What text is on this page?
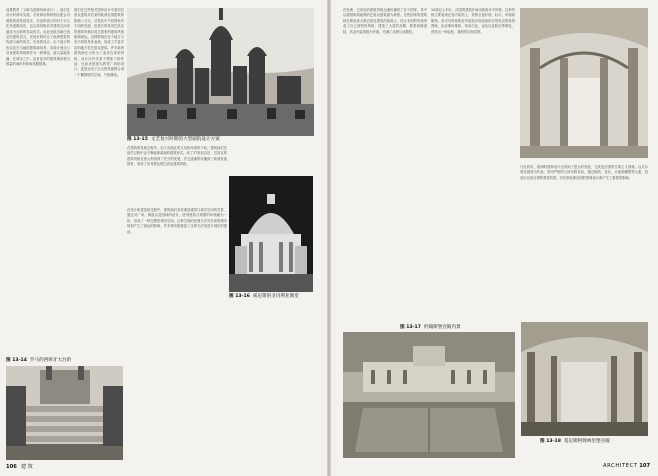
加果教堂（又称为进修所和设计）。他们在设计时两年实践，冬机和结构的相互配合对建筑的营造创造多，作品的设计的对于多元化发展做成功，也以得到相应对建筑空间发展成为全新的布局形式。由此发展出新巴洛克的建筑语言，比较好的综合了欧洲建筑的传统与新的形式。后来的设计，由于地方特色以及在当地的建筑师培养，其设计理念与后来建筑风格都作为一种典范，被大量地传播；在城市之中，也有更多的建筑保持相当数量的城市形象和宫殿园林。
图 13-15 文艺复兴时期的大型剧院设计方案
我们在这些相关国家设计中看到巴洛克建筑对后来的欧洲各国建筑的影响十分大，尽管其中不同国家有不同的发展，但是总的来说巴洛克的建筑风格对其它国家的建筑风格影响深远。这种影响在各个地方又有不同的具体表现，形成了丰富多彩的地方性巴洛克建筑。许多新的建筑师在当时为了追求自身的风格，设计出许多富于想象力的作品，比如圣彼得大教堂广场的设计，更是运用了巨大的柱廊围合成一个椭圆形的空间，气势雄伟。
在建筑的发展过程中，由于各地区的文化和传统的不同，建筑师们在创作过程中也不断地探索新的建筑形式。到了17世纪以后，巴洛克的建筑风格在意大利得到了充分的发展，并且逐渐的传播到了欧洲其他国家，形成了各具特色的巴洛克建筑风格。
图 13-16 威尼斯的圣玛利亚教堂
在设计和建造的过程中，建筑师们非常重视建筑与城市空间的关系，通过对广场、街道以及园林的设计，使得建筑与周围的环境融为一体，形成了一种完整的城市空间。这种空间的处理方法对后来的城市规划产生了深远的影响，许多城市都借鉴了这种方法来进行城市的建设。
图 13-14 罗马的西班牙大台阶
106 建 筑
在欧洲，巴洛克的建筑风格迅速传播到了各个国家，其中以德国和奥地利的巴洛克建筑最为典型。这些国家的建筑师在吸收意大利巴洛克建筑的基础上，结合本国的传统形成了自己独特的风格，建造了大量的宫殿、教堂和修道院，其室内装饰极为华丽，充满了动感与戏剧性。
18世纪上半叶，法国的建筑开始出现洛可可风格，这种风格主要表现在室内装饰上，其特点是纤细、轻巧、华丽和繁琐。洛可可风格的室内装饰多用曲线和自然形态的装饰图案，色彩明快柔和，常用白色、金色以及粉红等颜色，营造出一种轻松、愉悦的空间氛围。
与此同时，欧洲的园林设计也得到了很大的发展，尤其是法国的古典主义园林，以凡尔赛宫园林为代表，采用严格的几何对称布局，通过轴线、花坛、水池和雕塑等元素，营造出宏伟壮观的景观效果，对后来欧洲各国的园林设计都产生了重要的影响。
图 13-18 基尼斯阿姆林里堡宫殿
图 13-17 约翰斯堡宫殿内景
ARCHITECT 107
